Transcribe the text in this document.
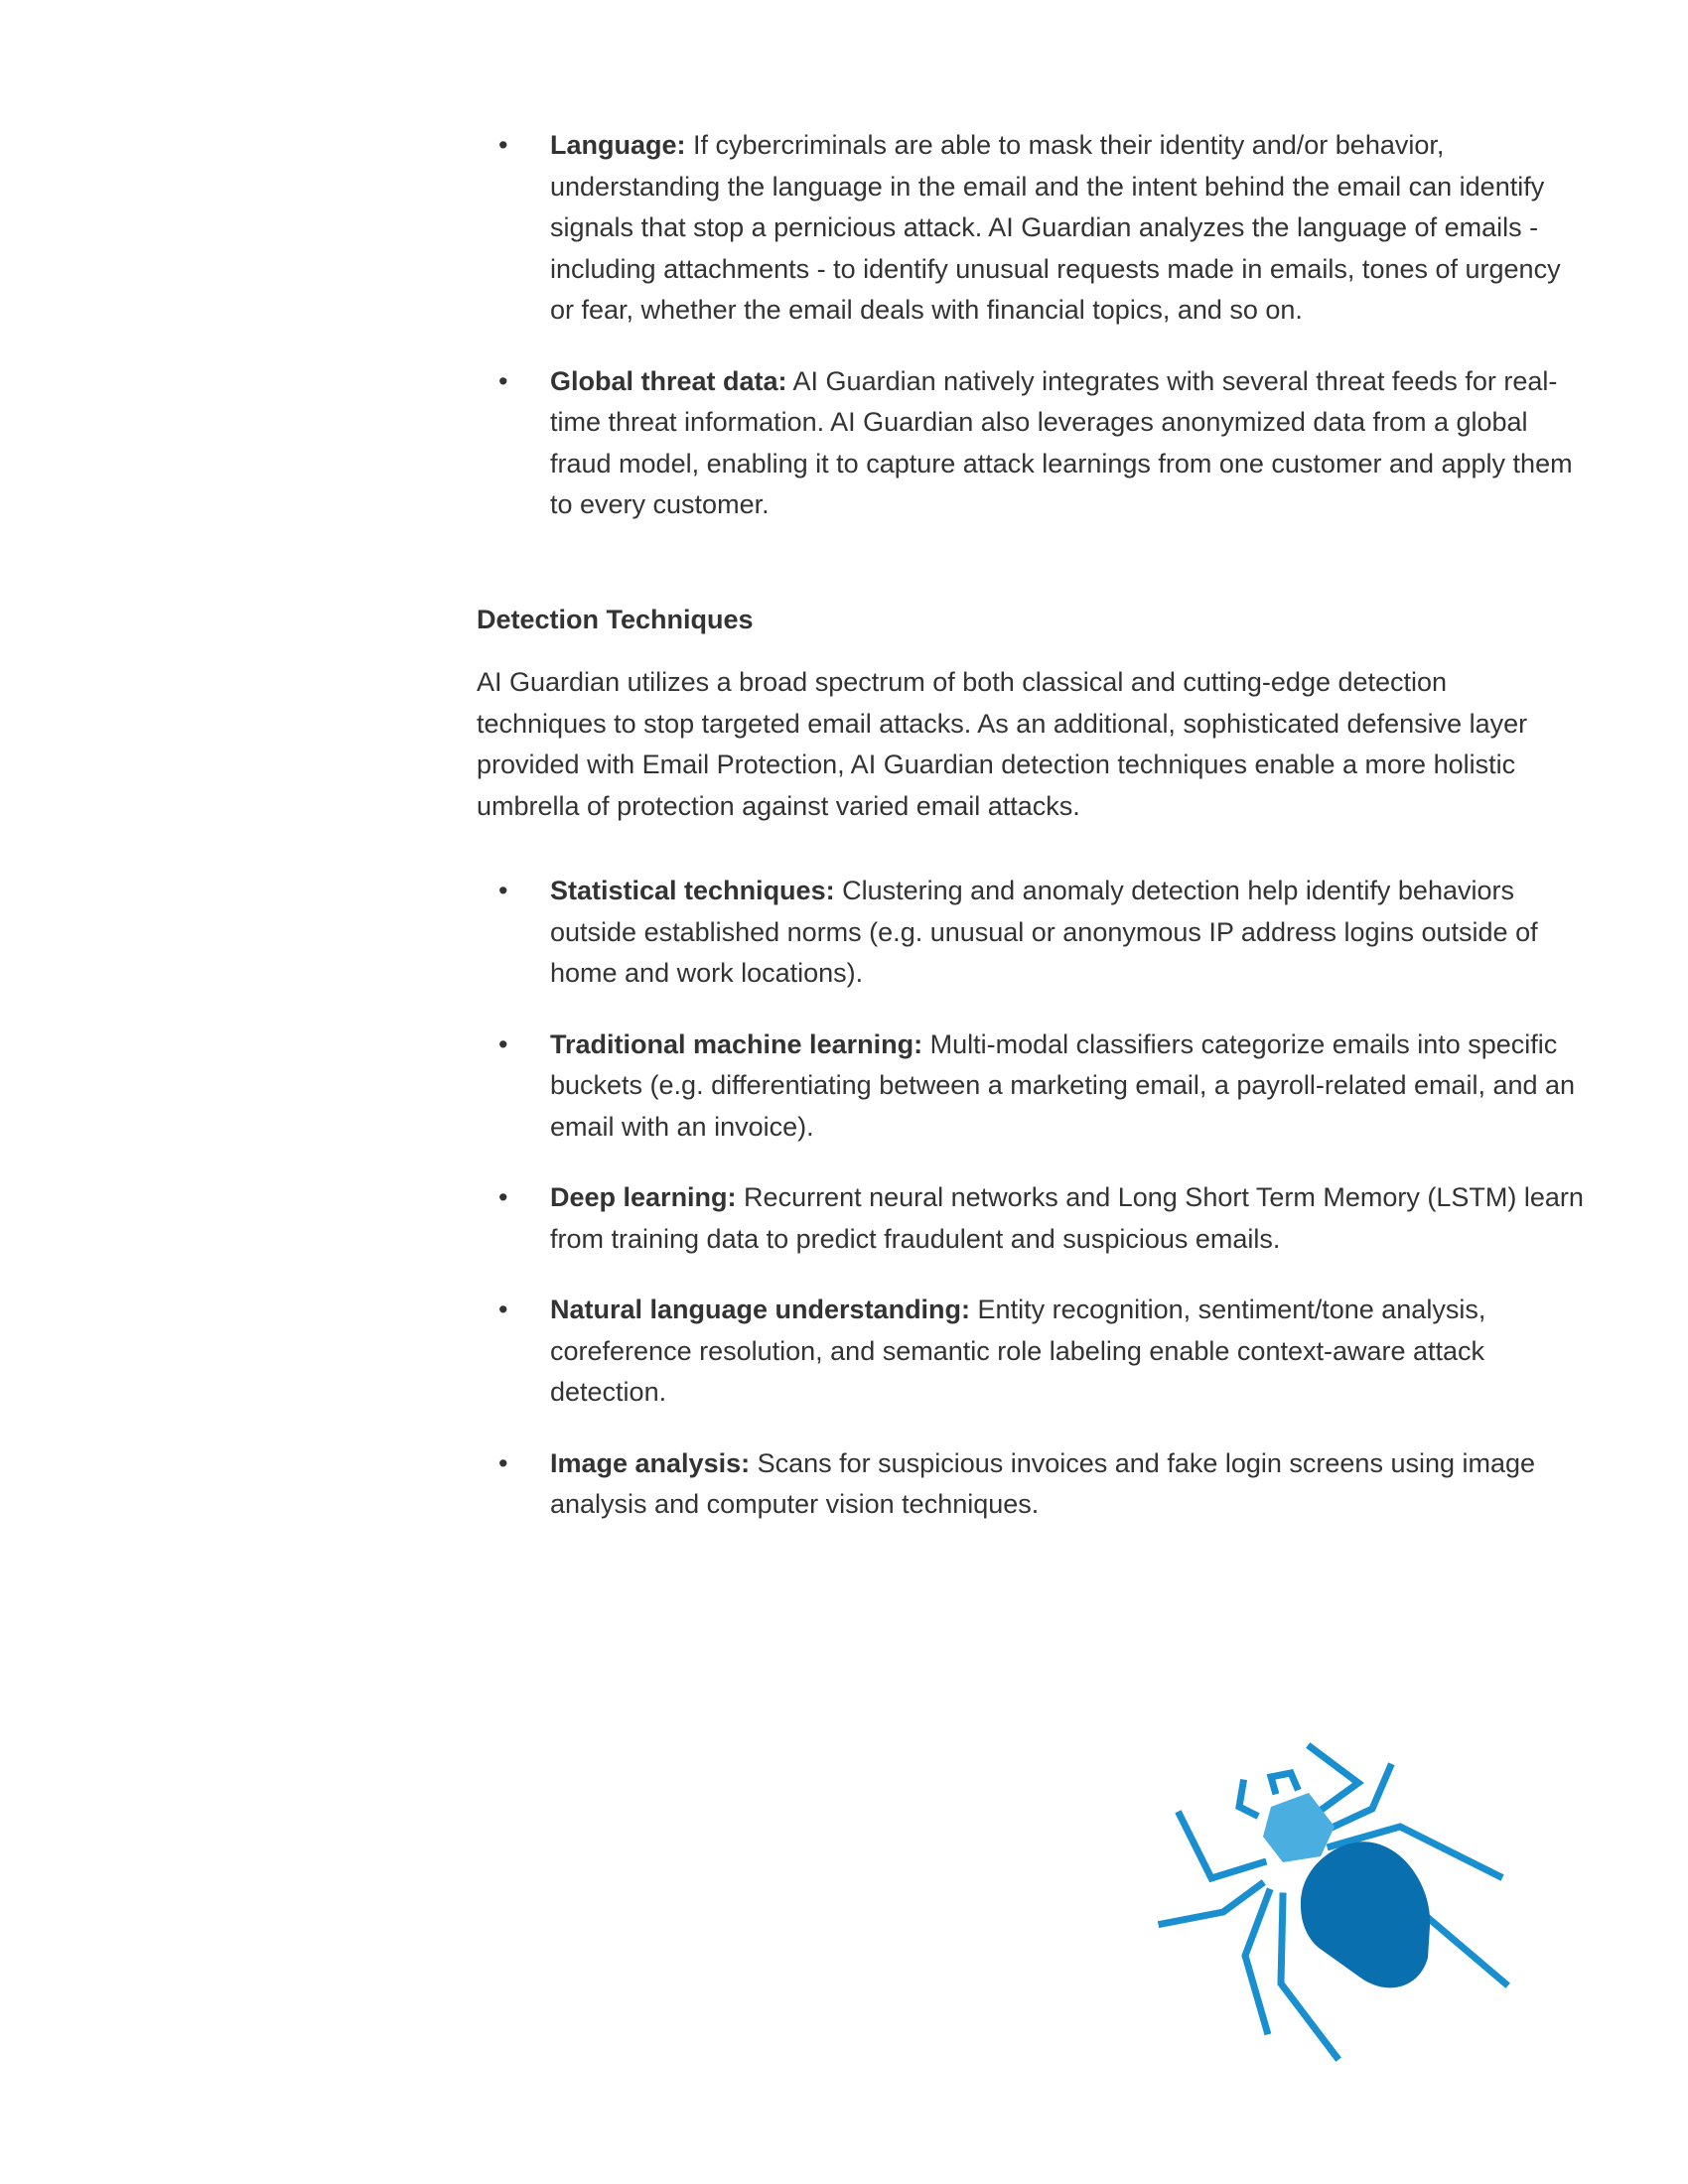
• Language: If cybercriminals are able to mask their identity and/or behavior, understanding the language in the email and the intent behind the email can identify signals that stop a pernicious attack. AI Guardian analyzes the language of emails - including attachments - to identify unusual requests made in emails, tones of urgency or fear, whether the email deals with financial topics, and so on.
• Global threat data: AI Guardian natively integrates with several threat feeds for real-time threat information. AI Guardian also leverages anonymized data from a global fraud model, enabling it to capture attack learnings from one customer and apply them to every customer.
Detection Techniques

AI Guardian utilizes a broad spectrum of both classical and cutting-edge detection techniques to stop targeted email attacks. As an additional, sophisticated defensive layer provided with Email Protection, AI Guardian detection techniques enable a more holistic umbrella of protection against varied email attacks.

• Statistical techniques: Clustering and anomaly detection help identify behaviors outside established norms (e.g. unusual or anonymous IP address logins outside of home and work locations).
• Traditional machine learning: Multi-modal classifiers categorize emails into specific buckets (e.g. differentiating between a marketing email, a payroll-related email, and an email with an invoice).
• Deep learning: Recurrent neural networks and Long Short Term Memory (LSTM) learn from training data to predict fraudulent and suspicious emails.
• Natural language understanding: Entity recognition, sentiment/tone analysis, coreference resolution, and semantic role labeling enable context-aware attack detection.
• Image analysis: Scans for suspicious invoices and fake login screens using image analysis and computer vision techniques.
